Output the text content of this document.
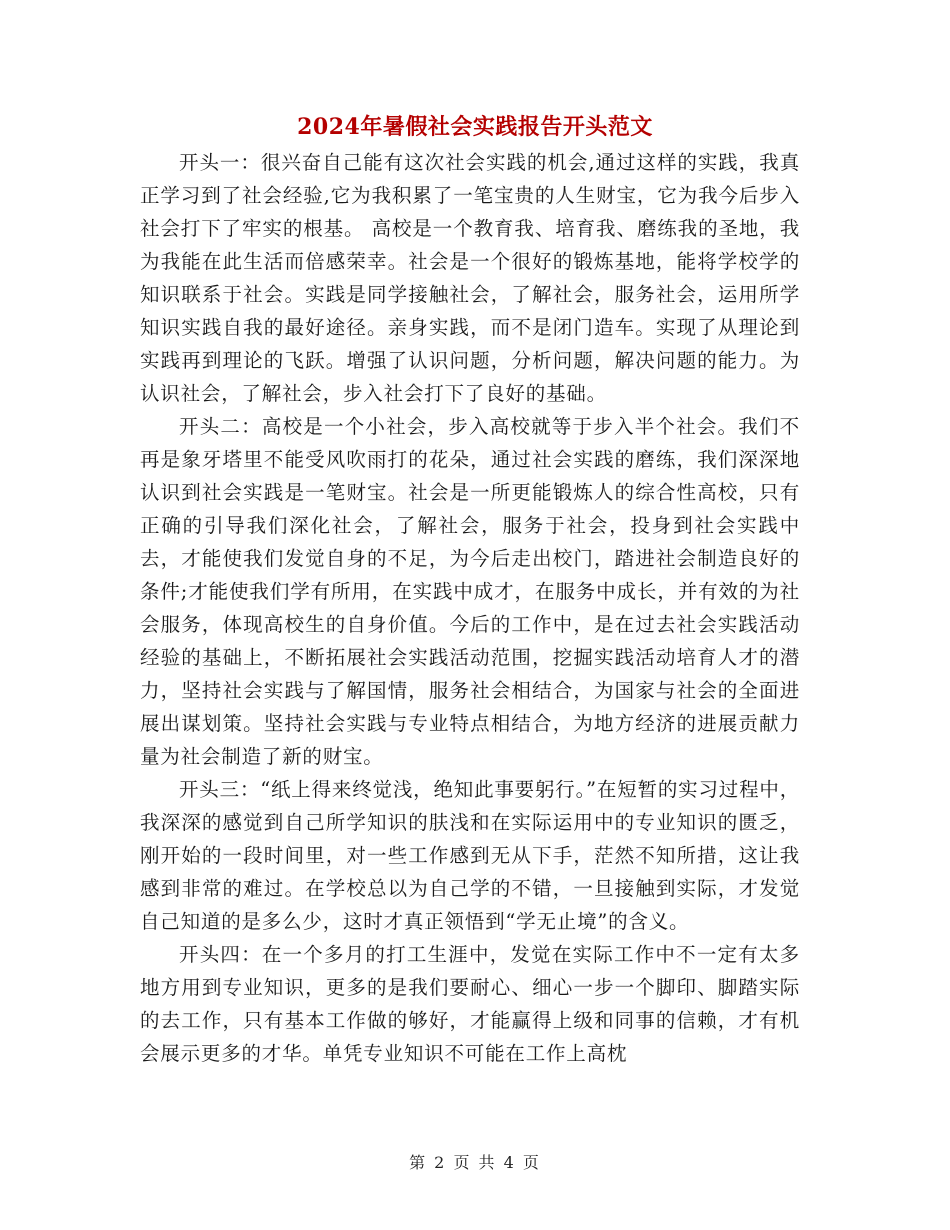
2024年暑假社会实践报告开头范文

开头一：很兴奋自己能有这次社会实践的机会,通过这样的实践，我真正学习到了社会经验,它为我积累了一笔宝贵的人生财宝，它为我今后步入社会打下了牢实的根基。 高校是一个教育我、培育我、磨练我的圣地，我为我能在此生活而倍感荣幸。社会是一个很好的锻炼基地，能将学校学的知识联系于社会。实践是同学接触社会，了解社会，服务社会，运用所学知识实践自我的最好途径。亲身实践，而不是闭门造车。实现了从理论到实践再到理论的飞跃。增强了认识问题，分析问题，解决问题的能力。为认识社会，了解社会，步入社会打下了良好的基础。

开头二：高校是一个小社会，步入高校就等于步入半个社会。我们不再是象牙塔里不能受风吹雨打的花朵，通过社会实践的磨练，我们深深地认识到社会实践是一笔财宝。社会是一所更能锻炼人的综合性高校，只有正确的引导我们深化社会，了解社会，服务于社会，投身到社会实践中去，才能使我们发觉自身的不足，为今后走出校门，踏进社会制造良好的条件;才能使我们学有所用，在实践中成才，在服务中成长，并有效的为社会服务，体现高校生的自身价值。今后的工作中，是在过去社会实践活动经验的基础上，不断拓展社会实践活动范围，挖掘实践活动培育人才的潜力，坚持社会实践与了解国情，服务社会相结合，为国家与社会的全面进展出谋划策。坚持社会实践与专业特点相结合，为地方经济的进展贡献力量为社会制造了新的财宝。

开头三：“纸上得来终觉浅，绝知此事要躬行。”在短暂的实习过程中，我深深的感觉到自己所学知识的肤浅和在实际运用中的专业知识的匮乏，刚开始的一段时间里，对一些工作感到无从下手，茫然不知所措，这让我感到非常的难过。在学校总以为自己学的不错，一旦接触到实际，才发觉自己知道的是多么少，这时才真正领悟到“学无止境”的含义。

开头四：在一个多月的打工生涯中，发觉在实际工作中不一定有太多地方用到专业知识，更多的是我们要耐心、细心一步一个脚印、脚踏实际的去工作，只有基本工作做的够好，才能赢得上级和同事的信赖，才有机会展示更多的才华。单凭专业知识不可能在工作上高枕

第 2 页 共 4 页
